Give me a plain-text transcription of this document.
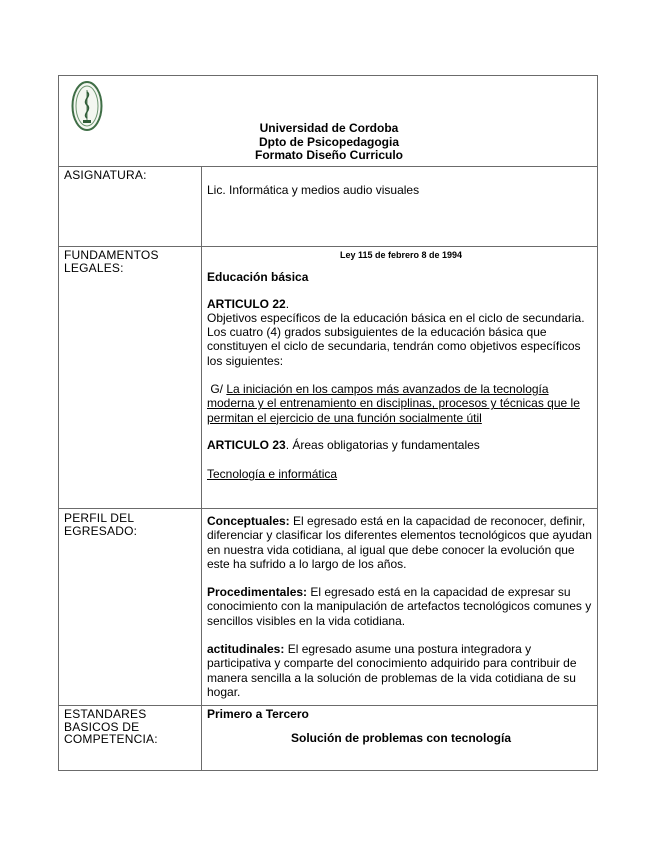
Universidad de Cordoba
Dpto de Psicopedagogia
Formato Diseño Curriculo
ASIGNATURA:
Lic. Informática y medios audio visuales
FUNDAMENTOS
LEGALES:

Ley 115 de febrero 8 de 1994

Educación básica

ARTICULO 22.

Objetivos específicos de la educación básica en el ciclo de secundaria. Los cuatro (4) grados subsiguientes de la educación básica que constituyen el ciclo de secundaria, tendrán como objetivos específicos los siguientes:

G/ La iniciación en los campos más avanzados de la tecnología moderna y el entrenamiento en disciplinas, procesos y técnicas que le permitan el ejercicio de una función socialmente útil

ARTICULO 23. Áreas obligatorias y fundamentales

Tecnología e informática

PERFIL DEL
EGRESADO:

Conceptuales: El egresado está en la capacidad de reconocer, definir, diferenciar y clasificar los diferentes elementos tecnológicos que ayudan en nuestra vida cotidiana, al igual que debe conocer la evolución que este ha sufrido a lo largo de los años.

Procedimentales: El egresado está en la capacidad de expresar su conocimiento con la manipulación de artefactos tecnológicos comunes y sencillos visibles en la vida cotidiana.

actitudinales: El egresado asume una postura integradora y participativa y comparte del conocimiento adquirido para contribuir de manera sencilla a la solución de problemas de la vida cotidiana de su hogar.

ESTANDARES
BASICOS DE
COMPETENCIA:

Primero a Tercero

Solución de problemas con tecnología
